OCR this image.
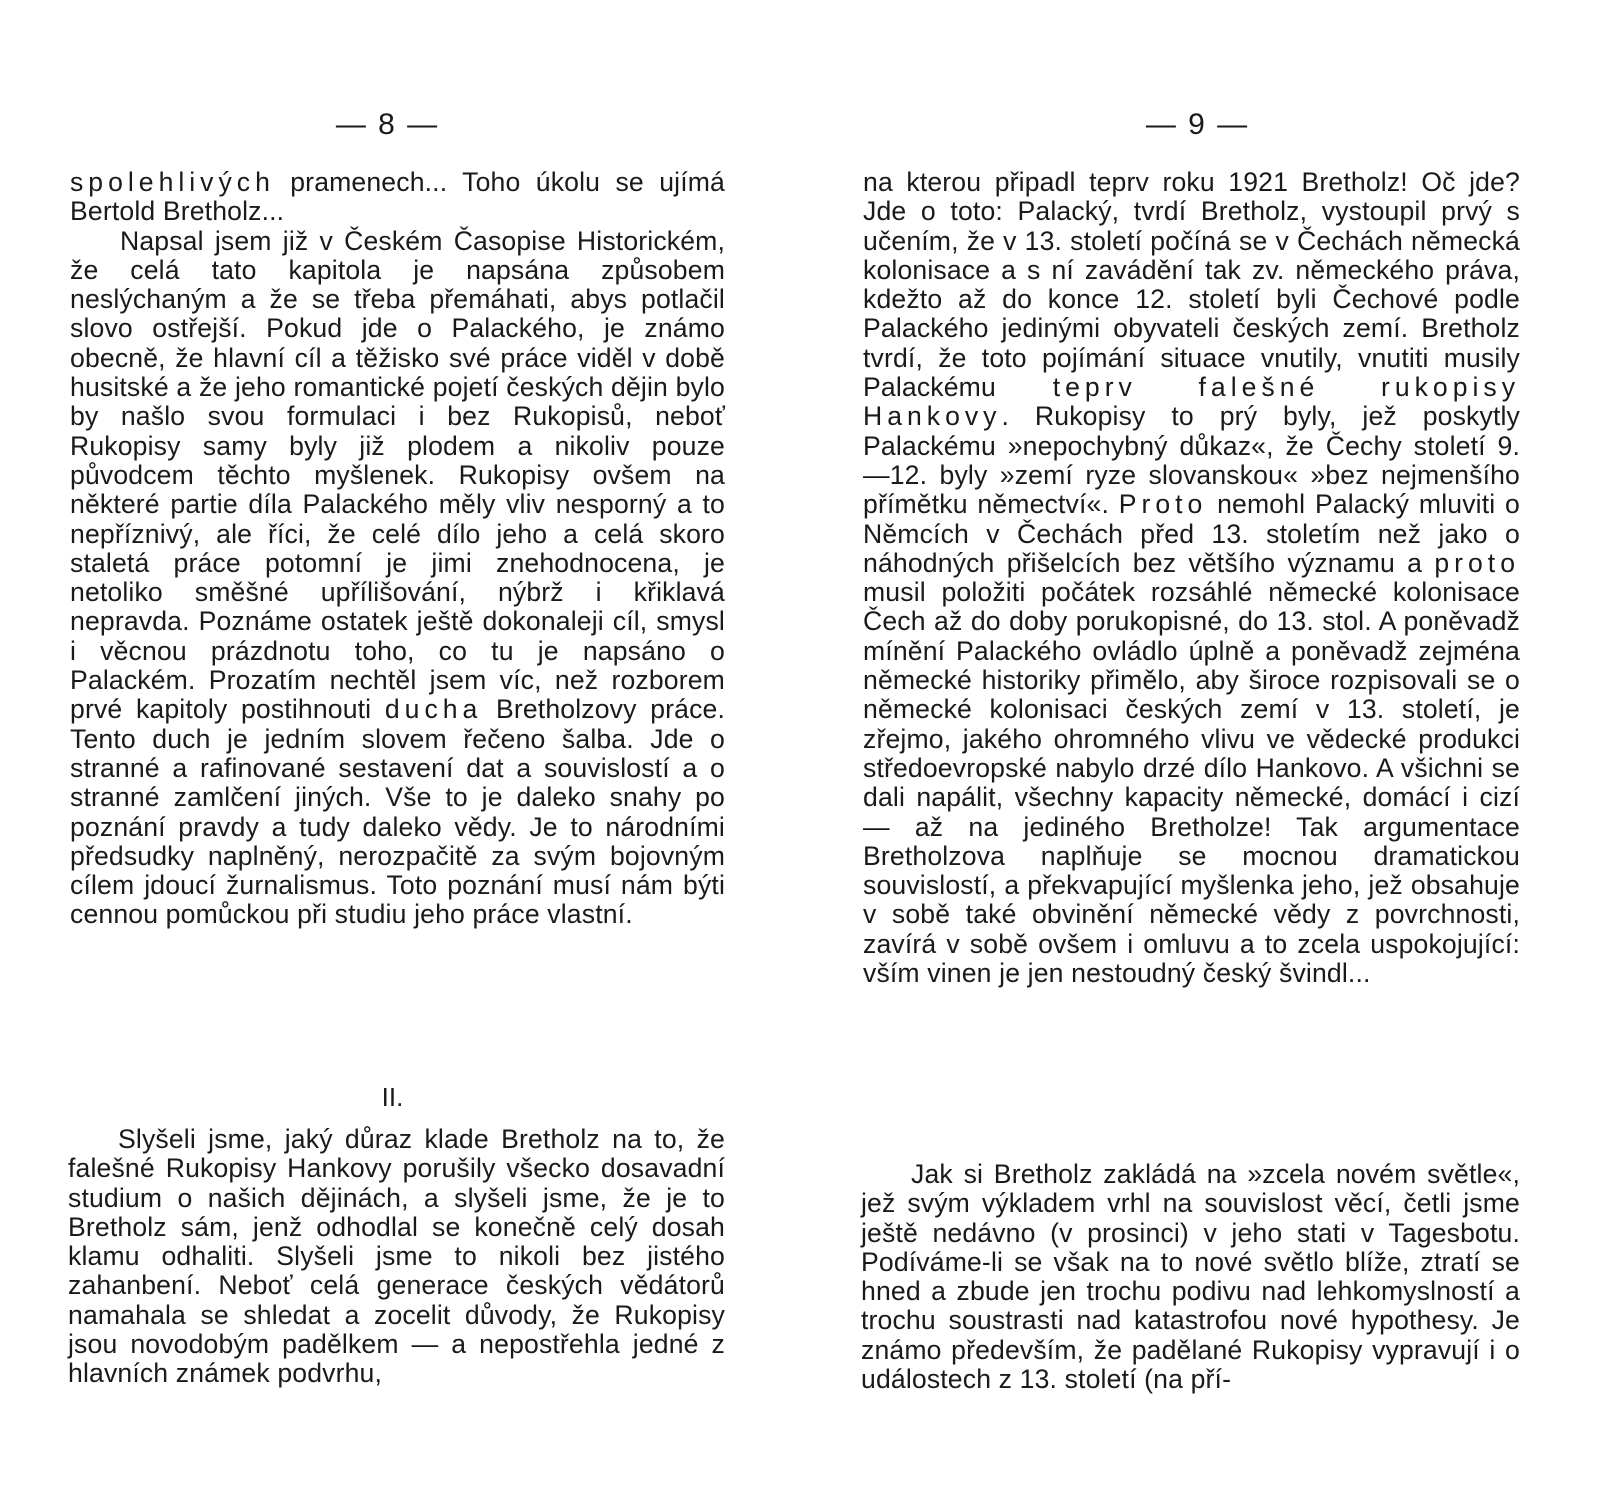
— 8 —

spolehlivých pramenech... Toho úkolu se ujímá Bertold Bretholz...

Napsal jsem již v Českém Časopise Historickém, že celá tato kapitola je napsána způsobem neslýchaným a že se třeba přemáhati, abys potlačil slovo ostřejší. Pokud jde o Palackého, je známo obecně, že hlavní cíl a těžisko své práce viděl v době husitské a že jeho romantické pojetí českých dějin bylo by našlo svou formulaci i bez Rukopisů, neboť Rukopisy samy byly již plodem a nikoliv pouze původcem těchto myšlenek. Rukopisy ovšem na některé partie díla Palackého měly vliv nesporný a to nepříznivý, ale říci, že celé dílo jeho a celá skoro staletá práce potomní je jimi znehodnocena, je netoliko směšné upřílišování, nýbrž i křiklavá nepravda. Poznáme ostatek ještě dokonaleji cíl, smysl i věcnou prázdnotu toho, co tu je napsáno o Palackém. Prozatím nechtěl jsem víc, než rozborem prvé kapitoly postihnouti ducha Bretholzovy práce. Tento duch je jedním slovem řečeno šalba. Jde o stranné a rafinované sestavení dat a souvislostí a o stranné zamlčení jiných. Vše to je daleko snahy po poznání pravdy a tudy daleko vědy. Je to národními předsudky naplněný, nerozpačitě za svým bojovným cílem jdoucí žurnalismus. Toto poznání musí nám býti cennou pomůckou při studiu jeho práce vlastní.

II.

Slyšeli jsme, jaký důraz klade Bretholz na to, že falešné Rukopisy Hankovy porušily všecko dosavadní studium o našich dějinách, a slyšeli jsme, že je to Bretholz sám, jenž odhodlal se konečně celý dosah klamu odhaliti. Slyšeli jsme to nikoli bez jistého zahanbení. Neboť celá generace českých vědátorů namahala se shledat a zocelit důvody, že Rukopisy jsou novodobým padělkem — a nepostřehla jedné z hlavních známek podvrhu,

— 9 —

na kterou připadl teprv roku 1921 Bretholz! Oč jde? Jde o toto: Palacký, tvrdí Bretholz, vystoupil prvý s učením, že v 13. století počíná se v Čechách německá kolonisace a s ní zavádění tak zv. německého práva, kdežto až do konce 12. století byli Čechové podle Palackého jedinými obyvateli českých zemí. Bretholz tvrdí, že toto pojímání situace vnutily, vnutiti musily Palackému teprv falešné rukopisy Hankovy. Rukopisy to prý byly, jež poskytly Palackému »nepochybný důkaz«, že Čechy století 9.—12. byly »zemí ryze slovanskou« »bez nejmenšího přímětku němectví«. Proto nemohl Palacký mluviti o Němcích v Čechách před 13. stoletím než jako o náhodných přišelcích bez většího významu a proto musil položiti počátek rozsáhlé německé kolonisace Čech až do doby porukopisné, do 13. stol. A poněvadž mínění Palackého ovládlo úplně a poněvadž zejména německé historiky přimělo, aby široce rozpisovali se o německé kolonisaci českých zemí v 13. století, je zřejmo, jakého ohromného vlivu ve vědecké produkci středoevropské nabylo drzé dílo Hankovo. A všichni se dali napálit, všechny kapacity německé, domácí i cizí — až na jediného Bretholze! Tak argumentace Bretholzova naplňuje se mocnou dramatickou souvislostí, a překvapující myšlenka jeho, jež obsahuje v sobě také obvinění německé vědy z povrchnosti, zavírá v sobě ovšem i omluvu a to zcela uspokojující: vším vinen je jen nestoudný český švindl...

Jak si Bretholz zakládá na »zcela novém světle«, jež svým výkladem vrhl na souvislost věcí, četli jsme ještě nedávno (v prosinci) v jeho stati v Tagesbotu. Podíváme-li se však na to nové světlo blíže, ztratí se hned a zbude jen trochu podivu nad lehkomyslností a trochu soustrasti nad katastrofou nové hypothesy. Je známo především, že padělané Rukopisy vypravují i o událostech z 13. století (na pří-
